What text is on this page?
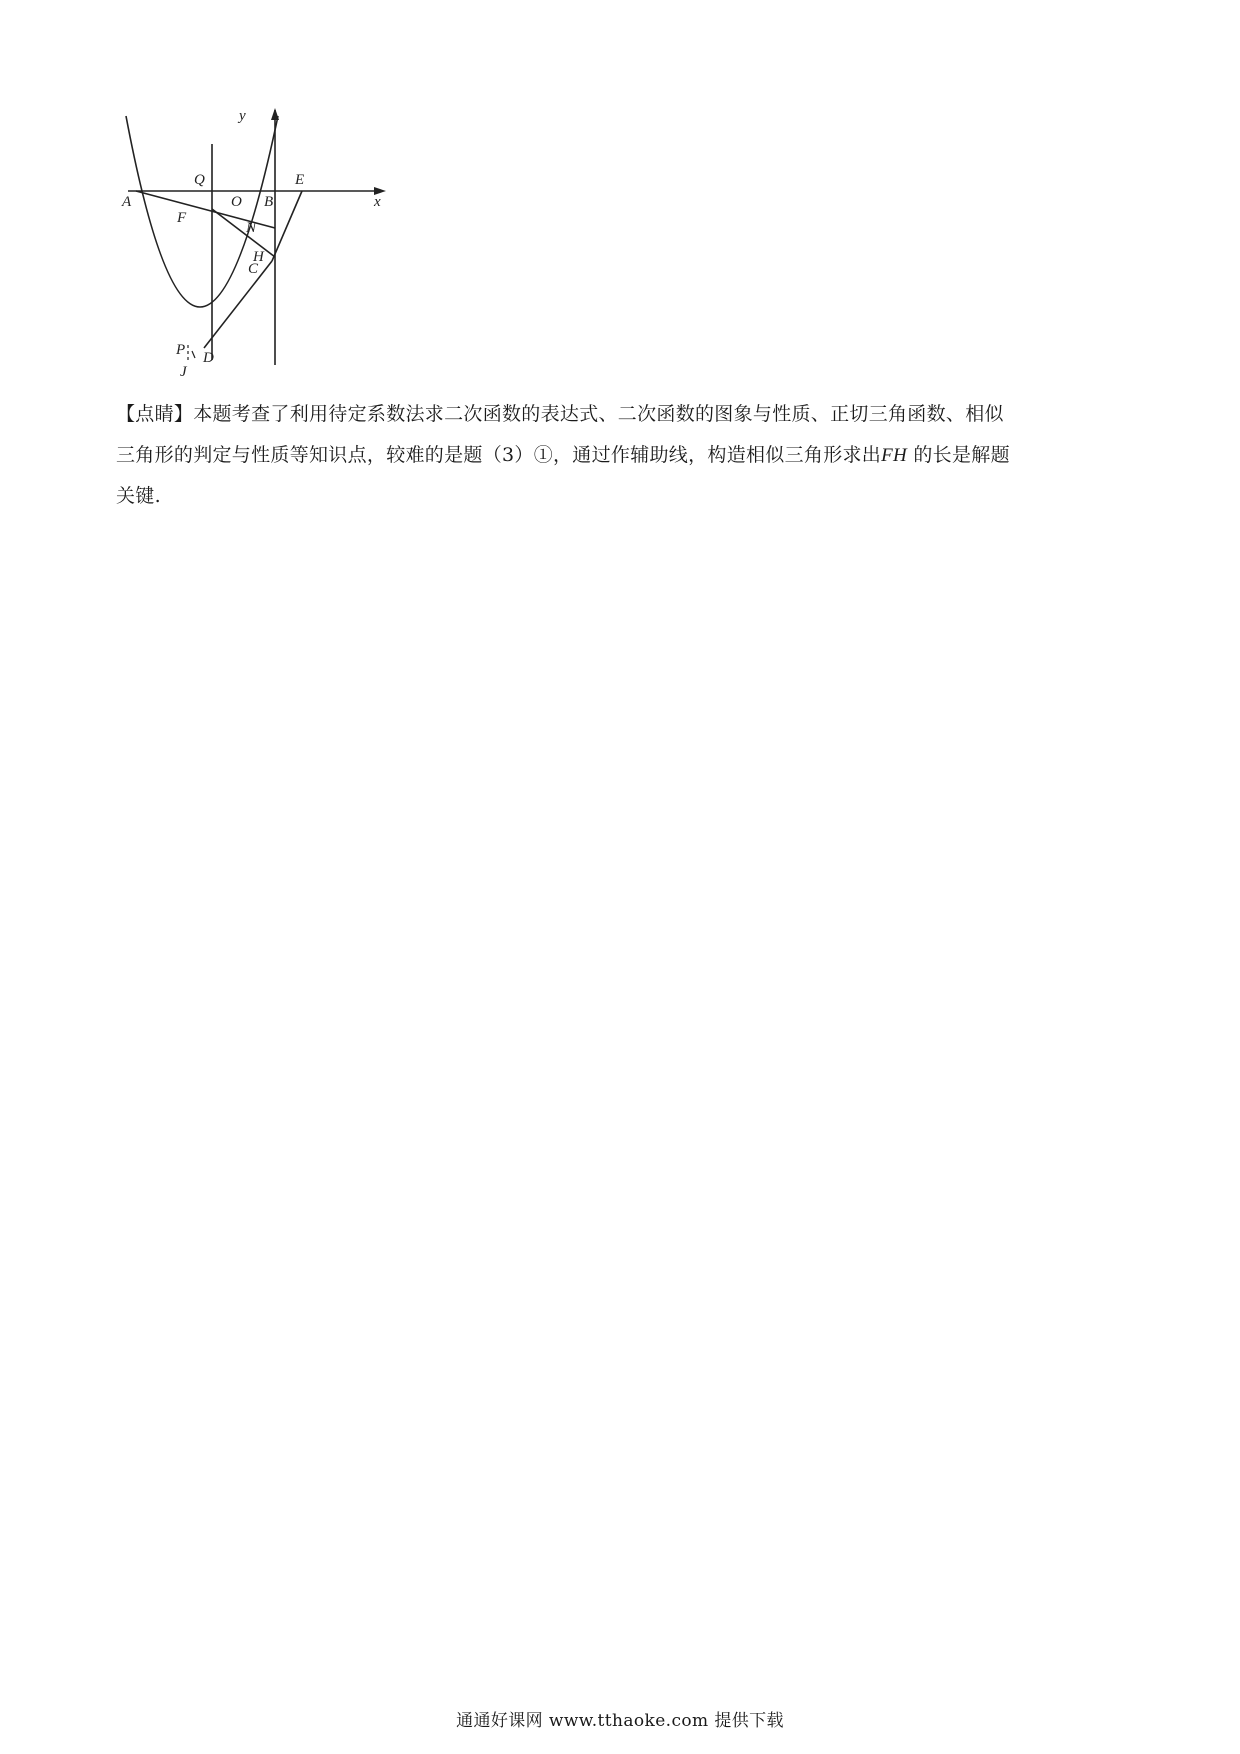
y
x
Q	E
A	O B
F
N
H
C
P D
J

【点睛】本题考查了利用待定系数法求二次函数的表达式、二次函数的图象与性质、正切三角函数、相似

三角形的判定与性质等知识点，较难的是题（3）①，通过作辅助线，构造相似三角形求出FH 的长是解题

关键.

通通好课网 www.tthaoke.com 提供下载
